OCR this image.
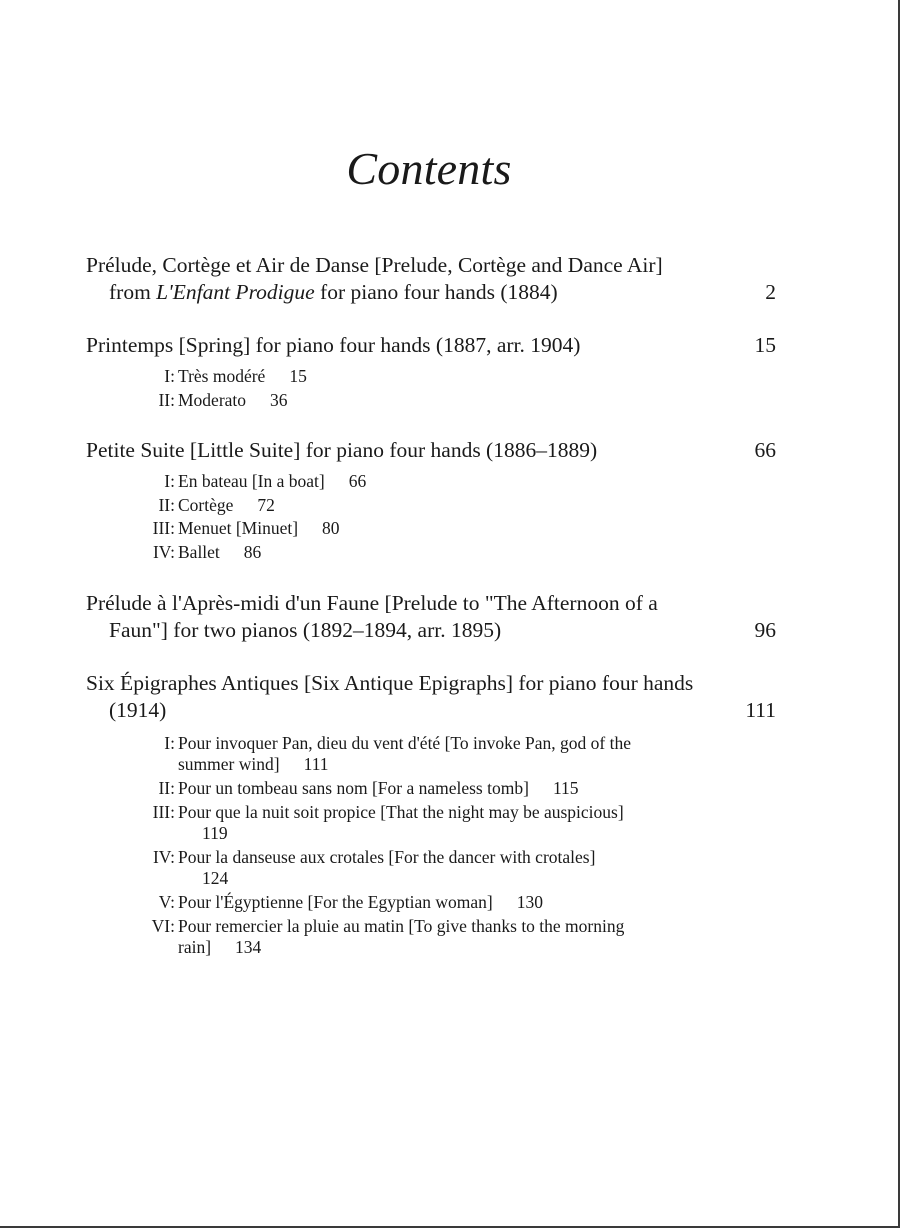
Contents
Prélude, Cortège et Air de Danse [Prelude, Cortège and Dance Air] from L'Enfant Prodigue for piano four hands (1884)	2
Printemps [Spring] for piano four hands (1887, arr. 1904)	15
I: Très modéré 15
II: Moderato 36
Petite Suite [Little Suite] for piano four hands (1886–1889)	66
I: En bateau [In a boat] 66
II: Cortège 72
III: Menuet [Minuet] 80
IV: Ballet 86
Prélude à l'Après-midi d'un Faune [Prelude to "The Afternoon of a Faun"] for two pianos (1892–1894, arr. 1895)	96
Six Épigraphes Antiques [Six Antique Epigraphs] for piano four hands (1914)	111
I: Pour invoquer Pan, dieu du vent d'été [To invoke Pan, god of the summer wind] 111
II: Pour un tombeau sans nom [For a nameless tomb] 115
III: Pour que la nuit soit propice [That the night may be auspicious]119
IV: Pour la danseuse aux crotales [For the dancer with crotales]124
V: Pour l'Égyptienne [For the Egyptian woman] 130
VI: Pour remercier la pluie au matin [To give thanks to the morning rain] 134
